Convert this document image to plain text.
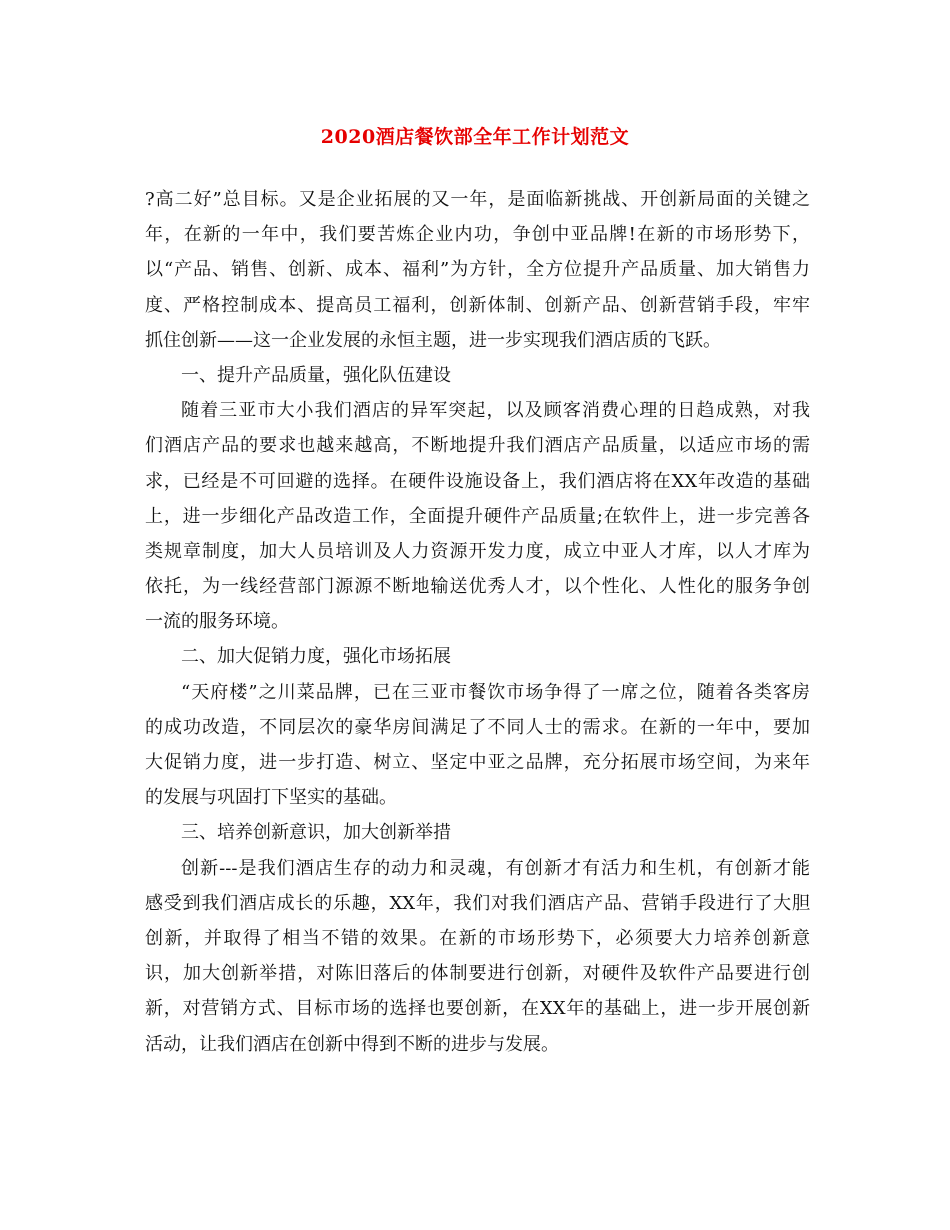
2020酒店餐饮部全年工作计划范文
?高二好”总目标。又是企业拓展的又一年，是面临新挑战、开创新局面的关键之
年，在新的一年中，我们要苦炼企业内功，争创中亚品牌!在新的市场形势下，
以“产品、销售、创新、成本、福利”为方针，全方位提升产品质量、加大销售力
度、严格控制成本、提高员工福利，创新体制、创新产品、创新营销手段，牢牢
抓住创新——这一企业发展的永恒主题，进一步实现我们酒店质的飞跃。
一、提升产品质量，强化队伍建设
随着三亚市大小我们酒店的异军突起，以及顾客消费心理的日趋成熟，对我
们酒店产品的要求也越来越高，不断地提升我们酒店产品质量，以适应市场的需
求，已经是不可回避的选择。在硬件设施设备上，我们酒店将在XX年改造的基础
上，进一步细化产品改造工作，全面提升硬件产品质量;在软件上，进一步完善各
类规章制度，加大人员培训及人力资源开发力度，成立中亚人才库，以人才库为
依托，为一线经营部门源源不断地输送优秀人才，以个性化、人性化的服务争创
一流的服务环境。
二、加大促销力度，强化市场拓展
“天府楼”之川菜品牌，已在三亚市餐饮市场争得了一席之位，随着各类客房
的成功改造，不同层次的豪华房间满足了不同人士的需求。在新的一年中，要加
大促销力度，进一步打造、树立、坚定中亚之品牌，充分拓展市场空间，为来年
的发展与巩固打下坚实的基础。
三、培养创新意识，加大创新举措
创新---是我们酒店生存的动力和灵魂，有创新才有活力和生机，有创新才能
感受到我们酒店成长的乐趣，XX年，我们对我们酒店产品、营销手段进行了大胆
创新，并取得了相当不错的效果。在新的市场形势下，必须要大力培养创新意
识，加大创新举措，对陈旧落后的体制要进行创新，对硬件及软件产品要进行创
新，对营销方式、目标市场的选择也要创新，在XX年的基础上，进一步开展创新
活动，让我们酒店在创新中得到不断的进步与发展。
